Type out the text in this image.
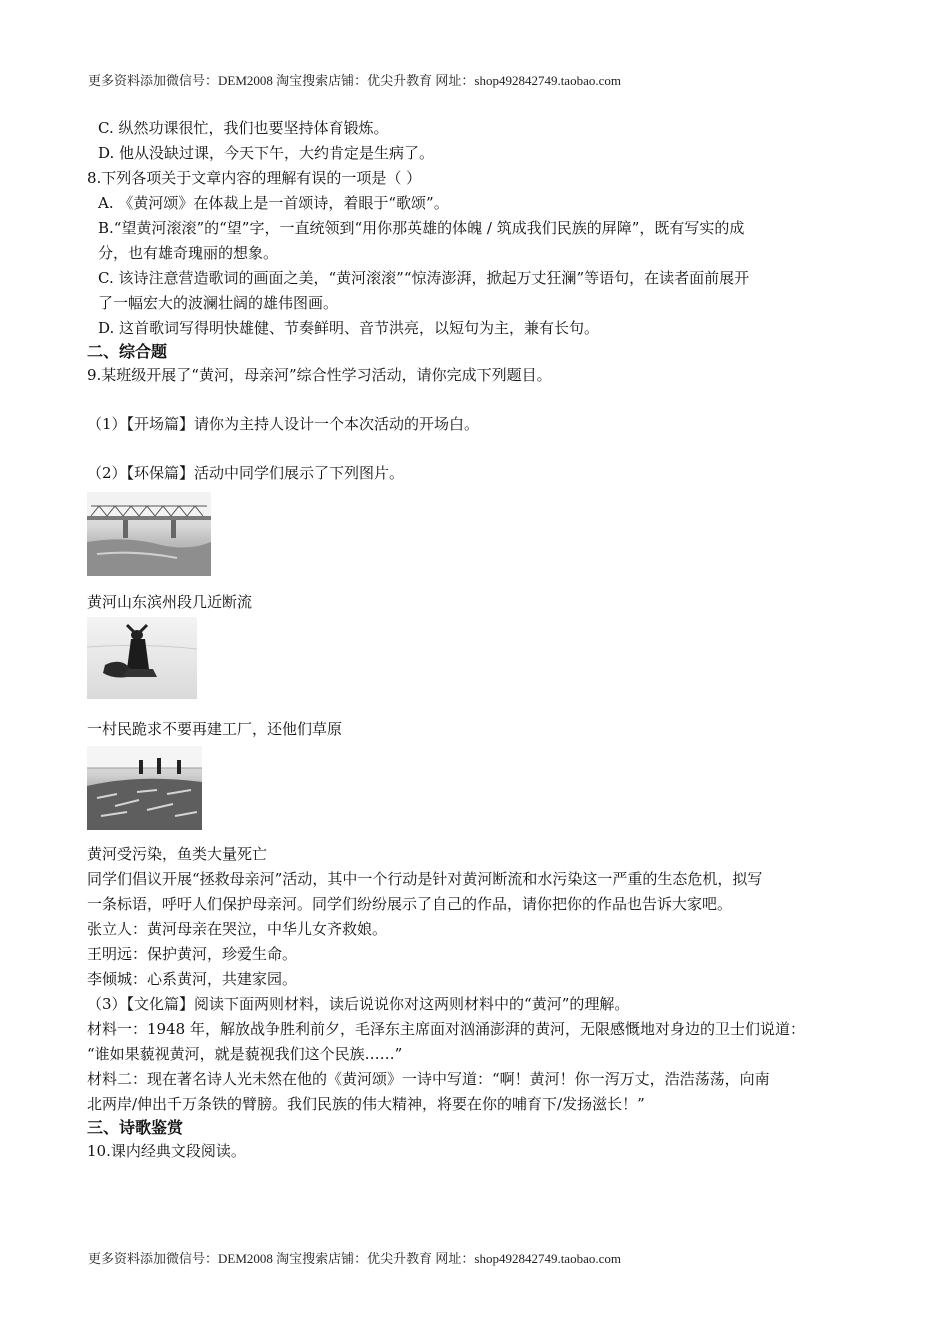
更多资料添加微信号：DEM2008 淘宝搜索店铺：优尖升教育 网址：shop492842749.taobao.com
C. 纵然功课很忙，我们也要坚持体育锻炼。
D. 他从没缺过课，今天下午，大约肯定是生病了。
8.下列各项关于文章内容的理解有误的一项是（ ）
A. 《黄河颂》在体裁上是一首颂诗，着眼于“歌颂”。
B.“望黄河滚滚”的“望”字，一直统领到“用你那英雄的体魄 / 筑成我们民族的屏障”，既有写实的成
分，也有雄奇瑰丽的想象。
C. 该诗注意营造歌词的画面之美，“黄河滚滚”“惊涛澎湃，掀起万丈狂澜”等语句，在读者面前展开
了一幅宏大的波澜壮阔的雄伟图画。
D. 这首歌词写得明快雄健、节奏鲜明、音节洪亮，以短句为主，兼有长句。
二、综合题
9.某班级开展了“黄河，母亲河”综合性学习活动，请你完成下列题目。
（1）【开场篇】请你为主持人设计一个本次活动的开场白。
（2）【环保篇】活动中同学们展示了下列图片。
黄河山东滨州段几近断流
一村民跪求不要再建工厂，还他们草原
黄河受污染，鱼类大量死亡
同学们倡议开展“拯救母亲河”活动，其中一个行动是针对黄河断流和水污染这一严重的生态危机，拟写
一条标语，呼吁人们保护母亲河。同学们纷纷展示了自己的作品，请你把你的作品也告诉大家吧。
张立人：黄河母亲在哭泣，中华儿女齐救娘。
王明远：保护黄河，珍爱生命。
李倾城：心系黄河，共建家园。
（3）【文化篇】阅读下面两则材料，读后说说你对这两则材料中的“黄河”的理解。
材料一：1948 年，解放战争胜利前夕，毛泽东主席面对汹涌澎湃的黄河，无限感慨地对身边的卫士们说道：
“谁如果藐视黄河，就是藐视我们这个民族……”
材料二：现在著名诗人光未然在他的《黄河颂》一诗中写道：“啊！黄河！你一泻万丈，浩浩荡荡，向南
北两岸/伸出千万条铁的臂膀。我们民族的伟大精神，将要在你的哺育下/发扬滋长！”
三、诗歌鉴赏
10.课内经典文段阅读。
更多资料添加微信号：DEM2008 淘宝搜索店铺：优尖升教育 网址：shop492842749.taobao.com
